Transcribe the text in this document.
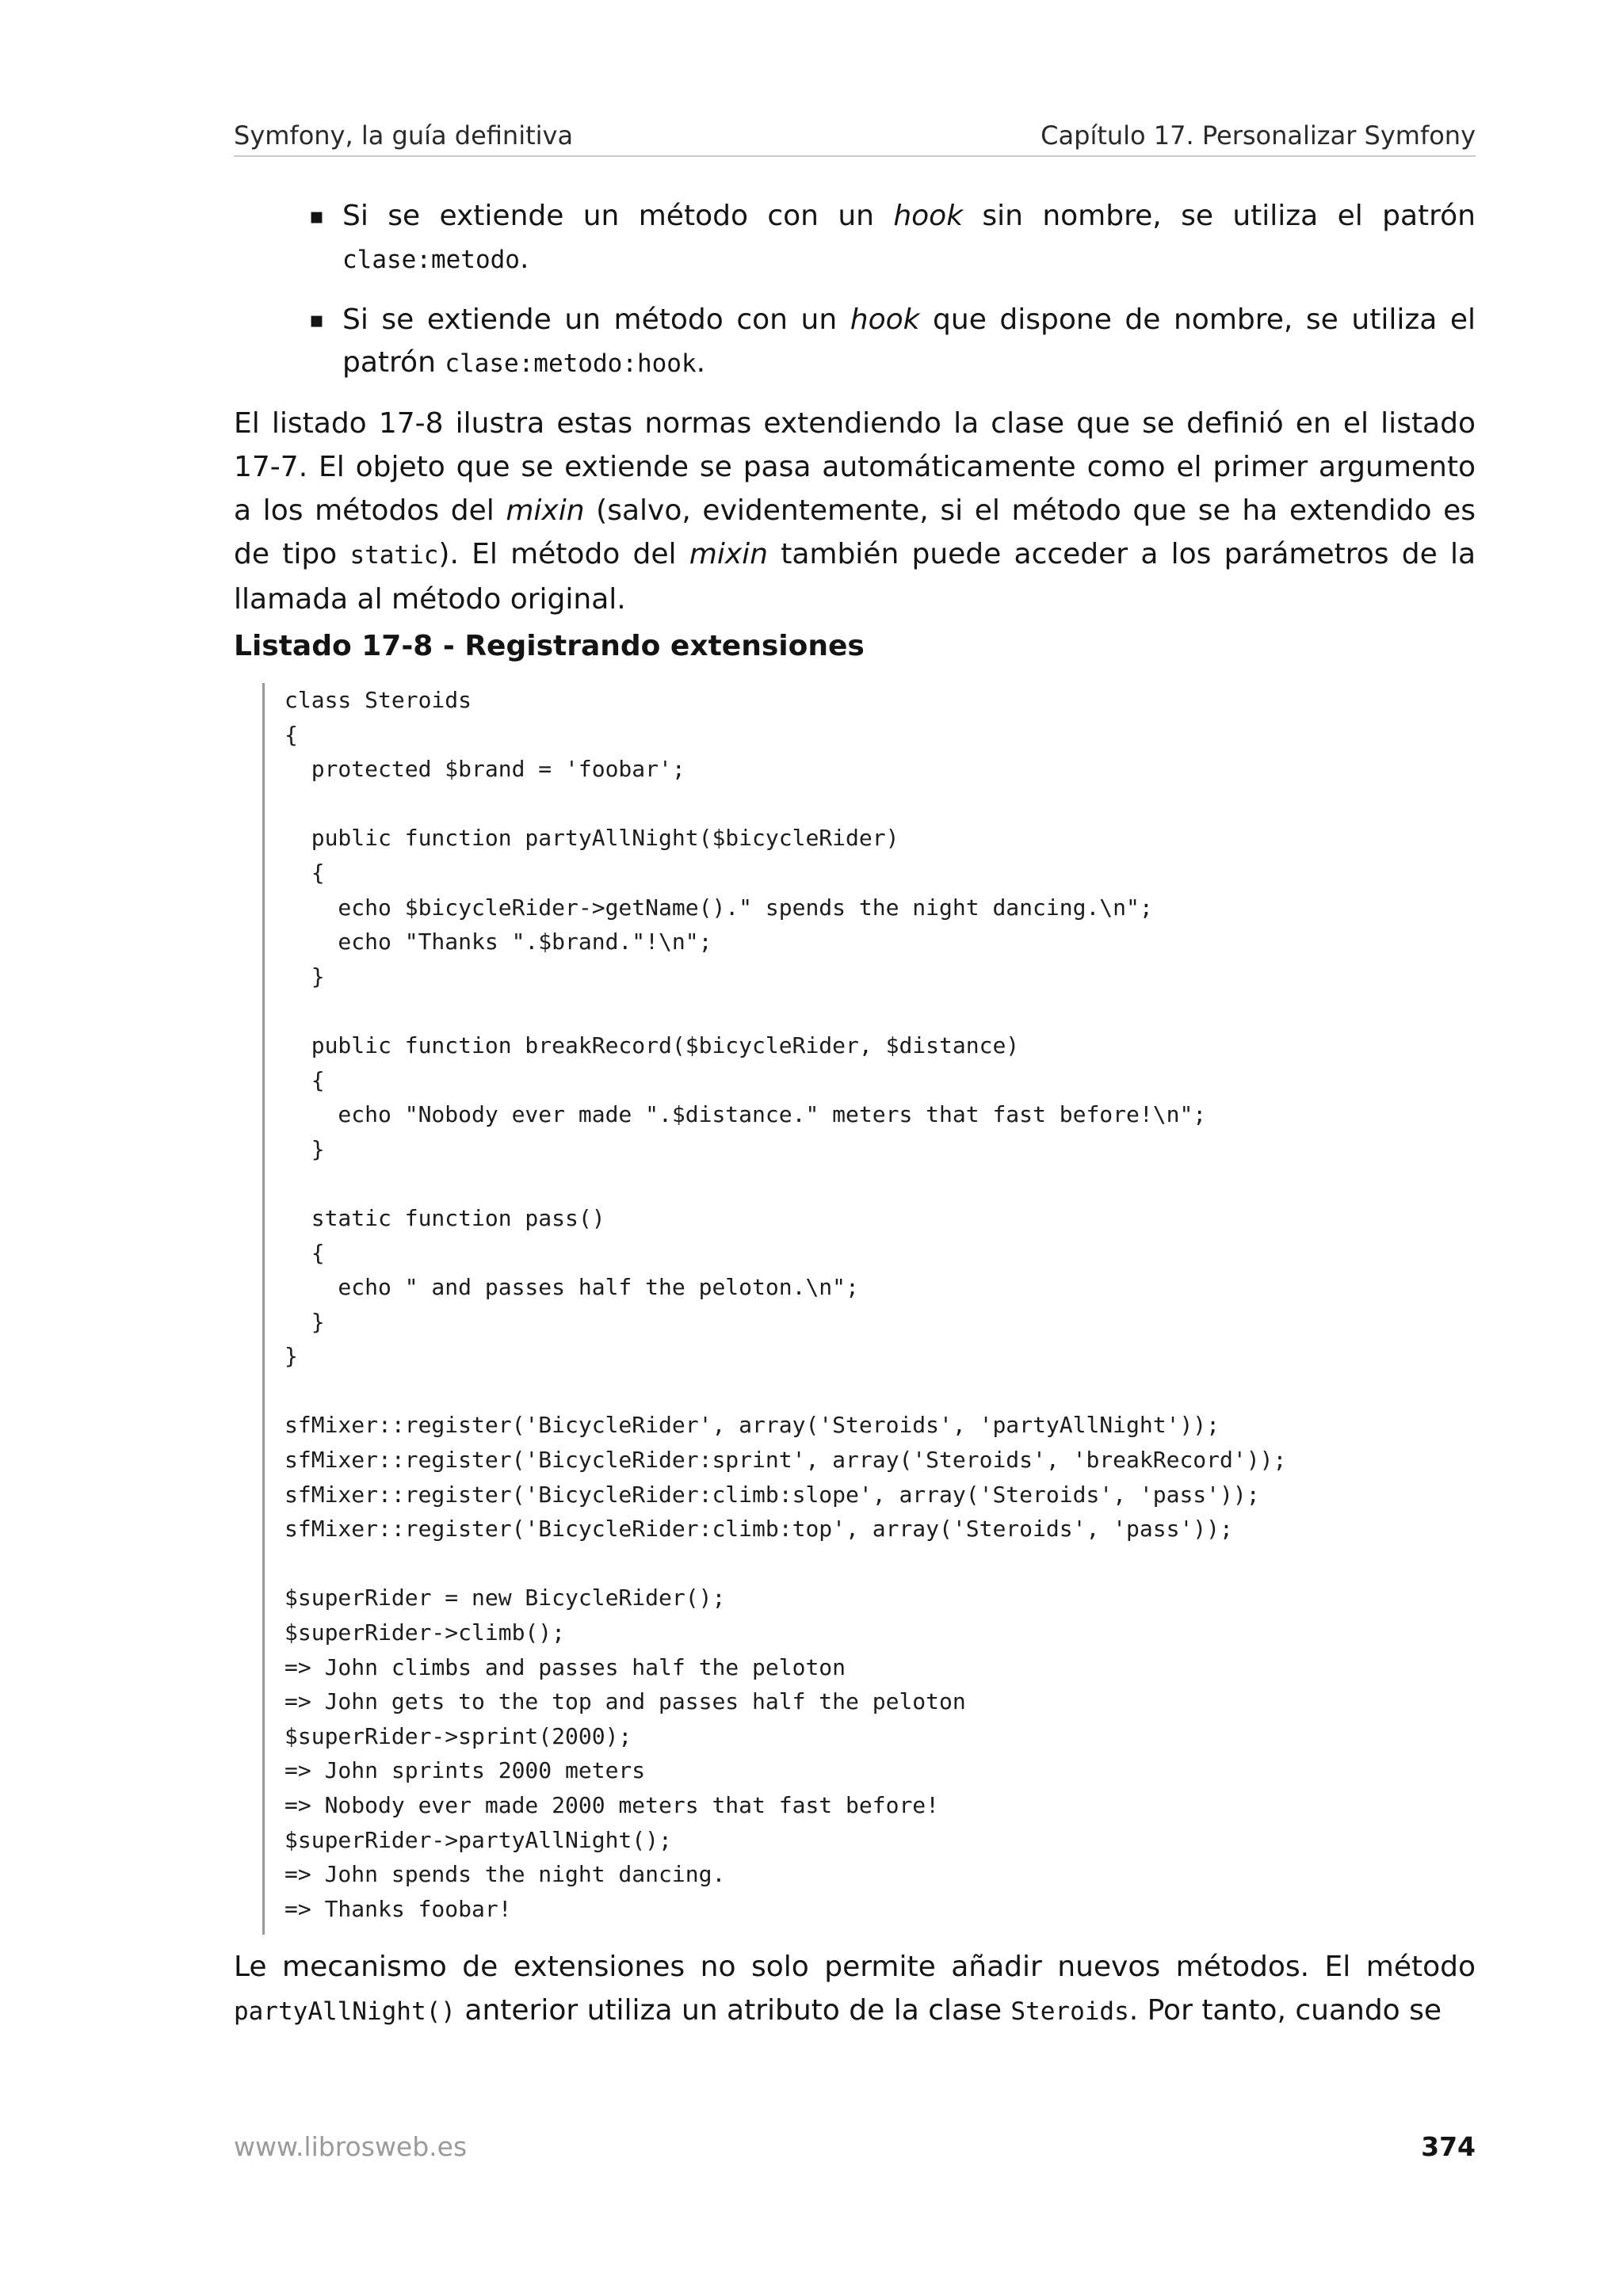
Symfony, la guía definitiva	Capítulo 17. Personalizar Symfony
▪ Si se extiende un método con un hook sin nombre, se utiliza el patrón clase:metodo.
▪ Si se extiende un método con un hook que dispone de nombre, se utiliza el patrón clase:metodo:hook.

El listado 17-8 ilustra estas normas extendiendo la clase que se definió en el listado 17-7. El objeto que se extiende se pasa automáticamente como el primer argumento a los métodos del mixin (salvo, evidentemente, si el método que se ha extendido es de tipo static). El método del mixin también puede acceder a los parámetros de la llamada al método original.

Listado 17-8 - Registrando extensiones
class Steroids
{
protected $brand = 'foobar';

public function partyAllNight($bicycleRider)
{
echo $bicycleRider->getName()." spends the night dancing.\n";
echo "Thanks ".$brand."!\n";
}

public function breakRecord($bicycleRider, $distance)
{
echo "Nobody ever made ".$distance." meters that fast before!\n";
}

static function pass()
{
echo " and passes half the peloton.\n";
}
}

sfMixer::register('BicycleRider', array('Steroids', 'partyAllNight'));
sfMixer::register('BicycleRider:sprint', array('Steroids', 'breakRecord'));
sfMixer::register('BicycleRider:climb:slope', array('Steroids', 'pass'));
sfMixer::register('BicycleRider:climb:top', array('Steroids', 'pass'));

$superRider = new BicycleRider();
$superRider->climb();
=> John climbs and passes half the peloton
=> John gets to the top and passes half the peloton
$superRider->sprint(2000);
=> John sprints 2000 meters
=> Nobody ever made 2000 meters that fast before!
$superRider->partyAllNight();
=> John spends the night dancing.
=> Thanks foobar!

Le mecanismo de extensiones no solo permite añadir nuevos métodos. El método partyAllNight() anterior utiliza un atributo de la clase Steroids. Por tanto, cuando se

www.librosweb.es	374
